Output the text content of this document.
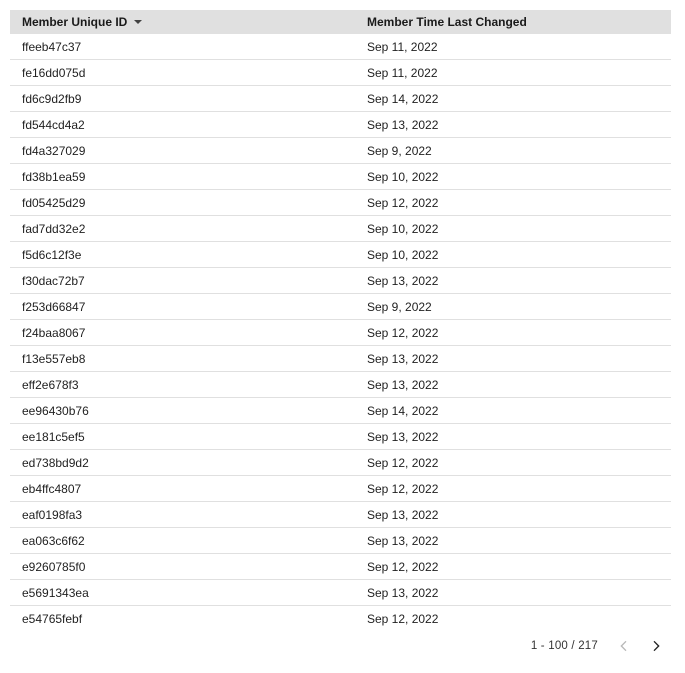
Member Unique ID	Member Time Last Changed
ffeeb47c37	Sep 11, 2022
fe16dd075d	Sep 11, 2022
fd6c9d2fb9	Sep 14, 2022
fd544cd4a2	Sep 13, 2022
fd4a327029	Sep 9, 2022
fd38b1ea59	Sep 10, 2022
fd05425d29	Sep 12, 2022
fad7dd32e2	Sep 10, 2022
f5d6c12f3e	Sep 10, 2022
f30dac72b7	Sep 13, 2022
f253d66847	Sep 9, 2022
f24baa8067	Sep 12, 2022
f13e557eb8	Sep 13, 2022
eff2e678f3	Sep 13, 2022
ee96430b76	Sep 14, 2022
ee181c5ef5	Sep 13, 2022
ed738bd9d2	Sep 12, 2022
eb4ffc4807	Sep 12, 2022
eaf0198fa3	Sep 13, 2022
ea063c6f62	Sep 13, 2022
e9260785f0	Sep 12, 2022
e5691343ea	Sep 13, 2022
e54765febf	Sep 12, 2022
1 - 100 / 217
